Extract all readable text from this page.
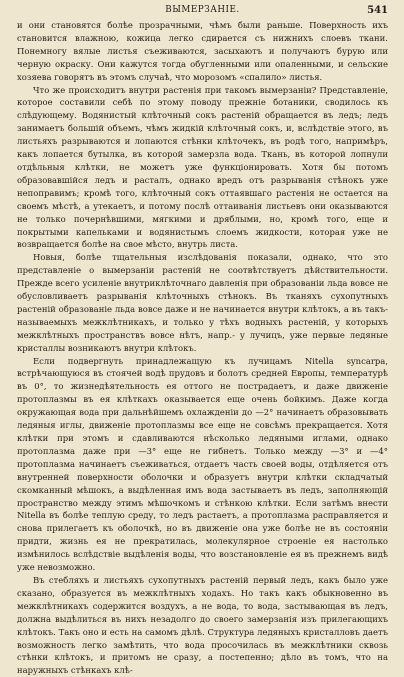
ВЫМЕРЗАНІЕ.	541

и они становятся болѣе прозрачными, чѣмъ были раньше. Поверхность ихъ становится влажною, кожица легко сдирается съ нижнихъ слоевъ ткани. Понемногу вялые листья съеживаются, засыхаютъ и получаютъ бурую или черную окраску. Они кажутся тогда обугленными или опаленными, и сельские хозяева говорятъ въ этомъ случаѣ, что морозомъ «спалило» листья.

Что же происходитъ внутри растенія при такомъ вымерзаніи? Представленіе, которое составили себѣ по этому поводу прежніе ботаники, сводилось къ слѣдующему. Водянистый клѣточный сокъ растеній обращается въ ледъ; ледъ занимаетъ большій объемъ, чѣмъ жидкій клѣточный сокъ, и, вслѣдствіе этого, въ листьяхъ разрываются и лопаются стѣнки клѣточекъ, въ родѣ того, напримѣръ, какъ лопается бутылка, въ которой замерзла вода. Ткань, въ которой лопнули отдѣльныя клѣтки, не можетъ уже функціонировать. Хотя бы потомъ образовавшійся ледъ и расталъ, однако вредъ отъ разрыванія стѣнокъ уже непоправимъ; кромѣ того, клѣточный сокъ оттаявшаго растенія не остается на своемъ мѣстѣ, а утекаетъ, и потому послѣ оттаиванія листьевъ они оказываются не только почернѣвшими, мягкими и дряблыми, но, кромѣ того, еще и покрытыми капельками и водянистымъ слоемъ жидкости, которая уже не возвращается болѣе на свое мѣсто, внутрь листа.

Новыя, болѣе тщательныя изслѣдованія показали, однако, что это представленіе о вымерзаніи растеній не соотвѣтствуетъ дѣйствительности. Прежде всего усиленіе внутриклѣточнаго давленія при образованіи льда вовсе не обусловливаетъ разрыванія клѣточныхъ стѣнокъ. Въ тканяхъ сухопутныхъ растеній образованіе льда вовсе даже и не начинается внутри клѣтокъ, а въ такъ-называемыхъ межклѣтникахъ, и только у тѣхъ водныхъ растеній, у которыхъ межклѣтныхъ пространствъ вовсе нѣтъ, напр.- у лучицъ, уже первые ледяные кристаллы возникаютъ внутри клѣтокъ.

Если подвергнуть принадлежащую къ лучицамъ Nitella syncarpa, встрѣчающуюся въ стоячей водѣ прудовъ и болотъ средней Европы, температурѣ въ 0°, то жизнедѣятельность ея оттого не пострадаетъ, и даже движеніе протоплазмы въ ея клѣткахъ оказывается еще очень бойкимъ. Даже когда окружающая вода при дальнѣйшемъ охлажденіи до —2° начинаетъ образовывать ледяныя иглы, движеніе протоплазмы все еще не совсѣмъ прекращается. Хотя клѣтки при этомъ и сдавливаются нѣсколько ледяными иглами, однако протоплазма даже при —3° еще не гибнетъ. Только между —3° и —4° протоплазма начинаетъ съеживаться, отдаетъ часть своей воды, отдѣляется отъ внутренней поверхности оболочки и образуетъ внутри клѣтки складчатый скомканный мѣшокъ, а выдѣленная имъ вода застываетъ въ ледъ, заполняющій пространство между этимъ мѣшочкомъ и стѣнкою клѣтки. Если затѣмъ внести Nitella въ болѣе теплую среду, то ледъ растаетъ, а протоплазма расправляется и снова прилегаетъ къ оболочкѣ, но въ движеніе она уже болѣе не въ состояніи придти, жизнь ея не прекратилась, молекулярное строеніе ея настолько измѣнилось вслѣдствіе выдѣленія воды, что возстановленіе ея въ прежнемъ видѣ уже невозможно.

Въ стебляхъ и листьяхъ сухопутныхъ растеній первый ледъ, какъ было уже сказано, образуется въ межклѣтныхъ ходахъ. Но такъ какъ обыкновенно въ межклѣтникахъ содержится воздухъ, а не вода, то вода, застывающая въ ледъ, должна выдѣлиться въ нихъ незадолго до своего замерзанія изъ прилегающихъ клѣтокъ. Такъ оно и есть на самомъ дѣлѣ. Структура ледяныхъ кристалловъ даетъ возможность легко замѣтить, что вода просочилась въ межклѣтники сквозь стѣнки клѣтокъ, и притомъ не сразу, а постепенно; дѣло въ томъ, что на наружныхъ стѣнкахъ клѣ-
